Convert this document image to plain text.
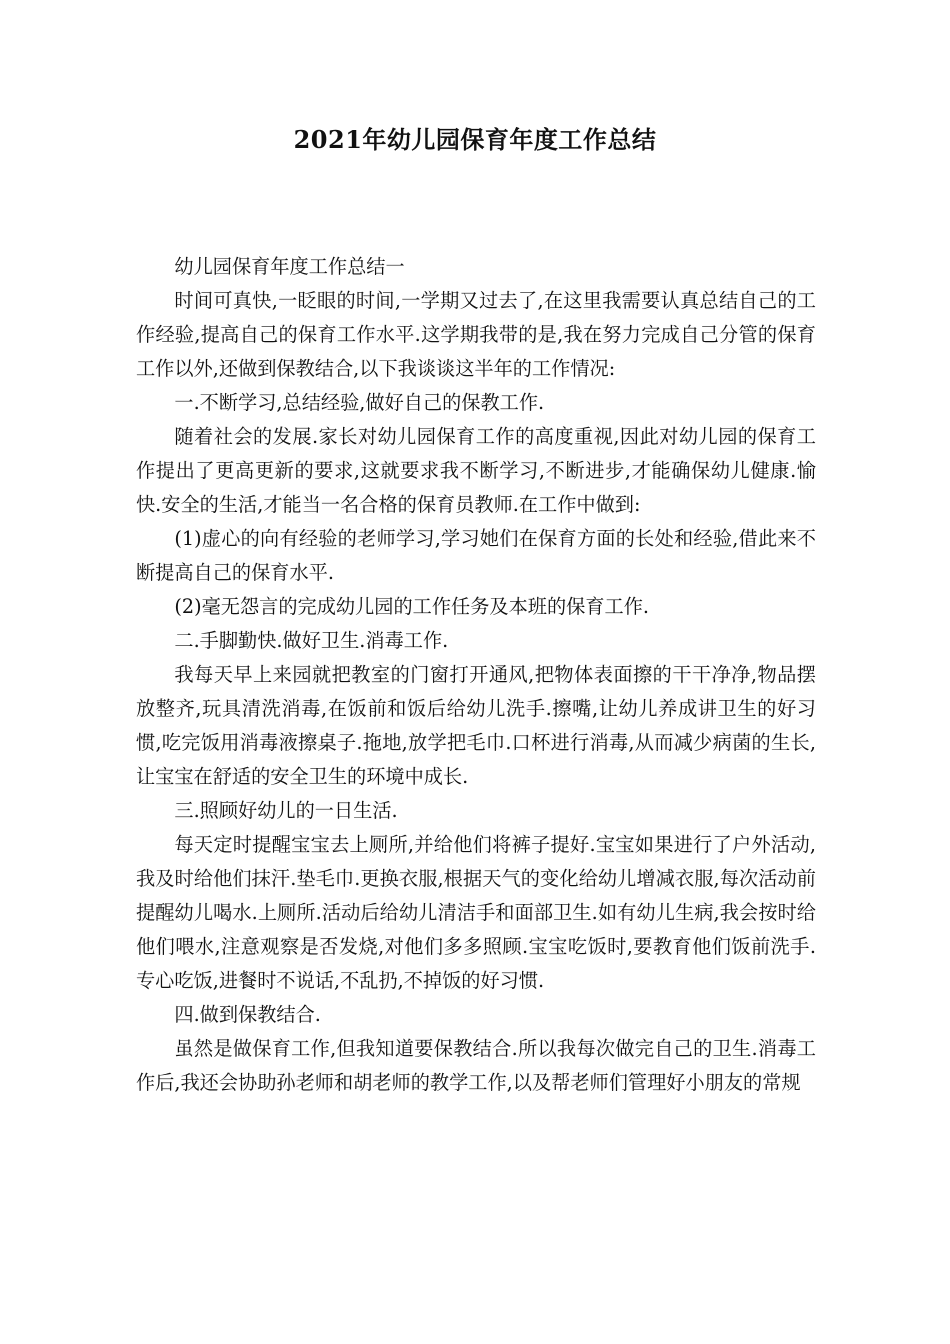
2021年幼儿园保育年度工作总结

幼儿园保育年度工作总结一

时间可真快,一眨眼的时间,一学期又过去了,在这里我需要认真总结自己的工作经验,提高自己的保育工作水平.这学期我带的是,我在努力完成自己分管的保育工作以外,还做到保教结合,以下我谈谈这半年的工作情况:

一.不断学习,总结经验,做好自己的保教工作.

随着社会的发展.家长对幼儿园保育工作的高度重视,因此对幼儿园的保育工作提出了更高更新的要求,这就要求我不断学习,不断进步,才能确保幼儿健康.愉快.安全的生活,才能当一名合格的保育员教师.在工作中做到:

(1)虚心的向有经验的老师学习,学习她们在保育方面的长处和经验,借此来不断提高自己的保育水平.

(2)毫无怨言的完成幼儿园的工作任务及本班的保育工作.

二.手脚勤快.做好卫生.消毒工作.

我每天早上来园就把教室的门窗打开通风,把物体表面擦的干干净净,物品摆放整齐,玩具清洗消毒,在饭前和饭后给幼儿洗手.擦嘴,让幼儿养成讲卫生的好习惯,吃完饭用消毒液擦桌子.拖地,放学把毛巾.口杯进行消毒,从而减少病菌的生长,让宝宝在舒适的安全卫生的环境中成长.

三.照顾好幼儿的一日生活.

每天定时提醒宝宝去上厕所,并给他们将裤子提好.宝宝如果进行了户外活动,我及时给他们抹汗.垫毛巾.更换衣服,根据天气的变化给幼儿增减衣服,每次活动前提醒幼儿喝水.上厕所.活动后给幼儿清洁手和面部卫生.如有幼儿生病,我会按时给他们喂水,注意观察是否发烧,对他们多多照顾.宝宝吃饭时,要教育他们饭前洗手.专心吃饭,进餐时不说话,不乱扔,不掉饭的好习惯.

四.做到保教结合.

虽然是做保育工作,但我知道要保教结合.所以我每次做完自己的卫生.消毒工作后,我还会协助孙老师和胡老师的教学工作,以及帮老师们管理好小朋友的常规
